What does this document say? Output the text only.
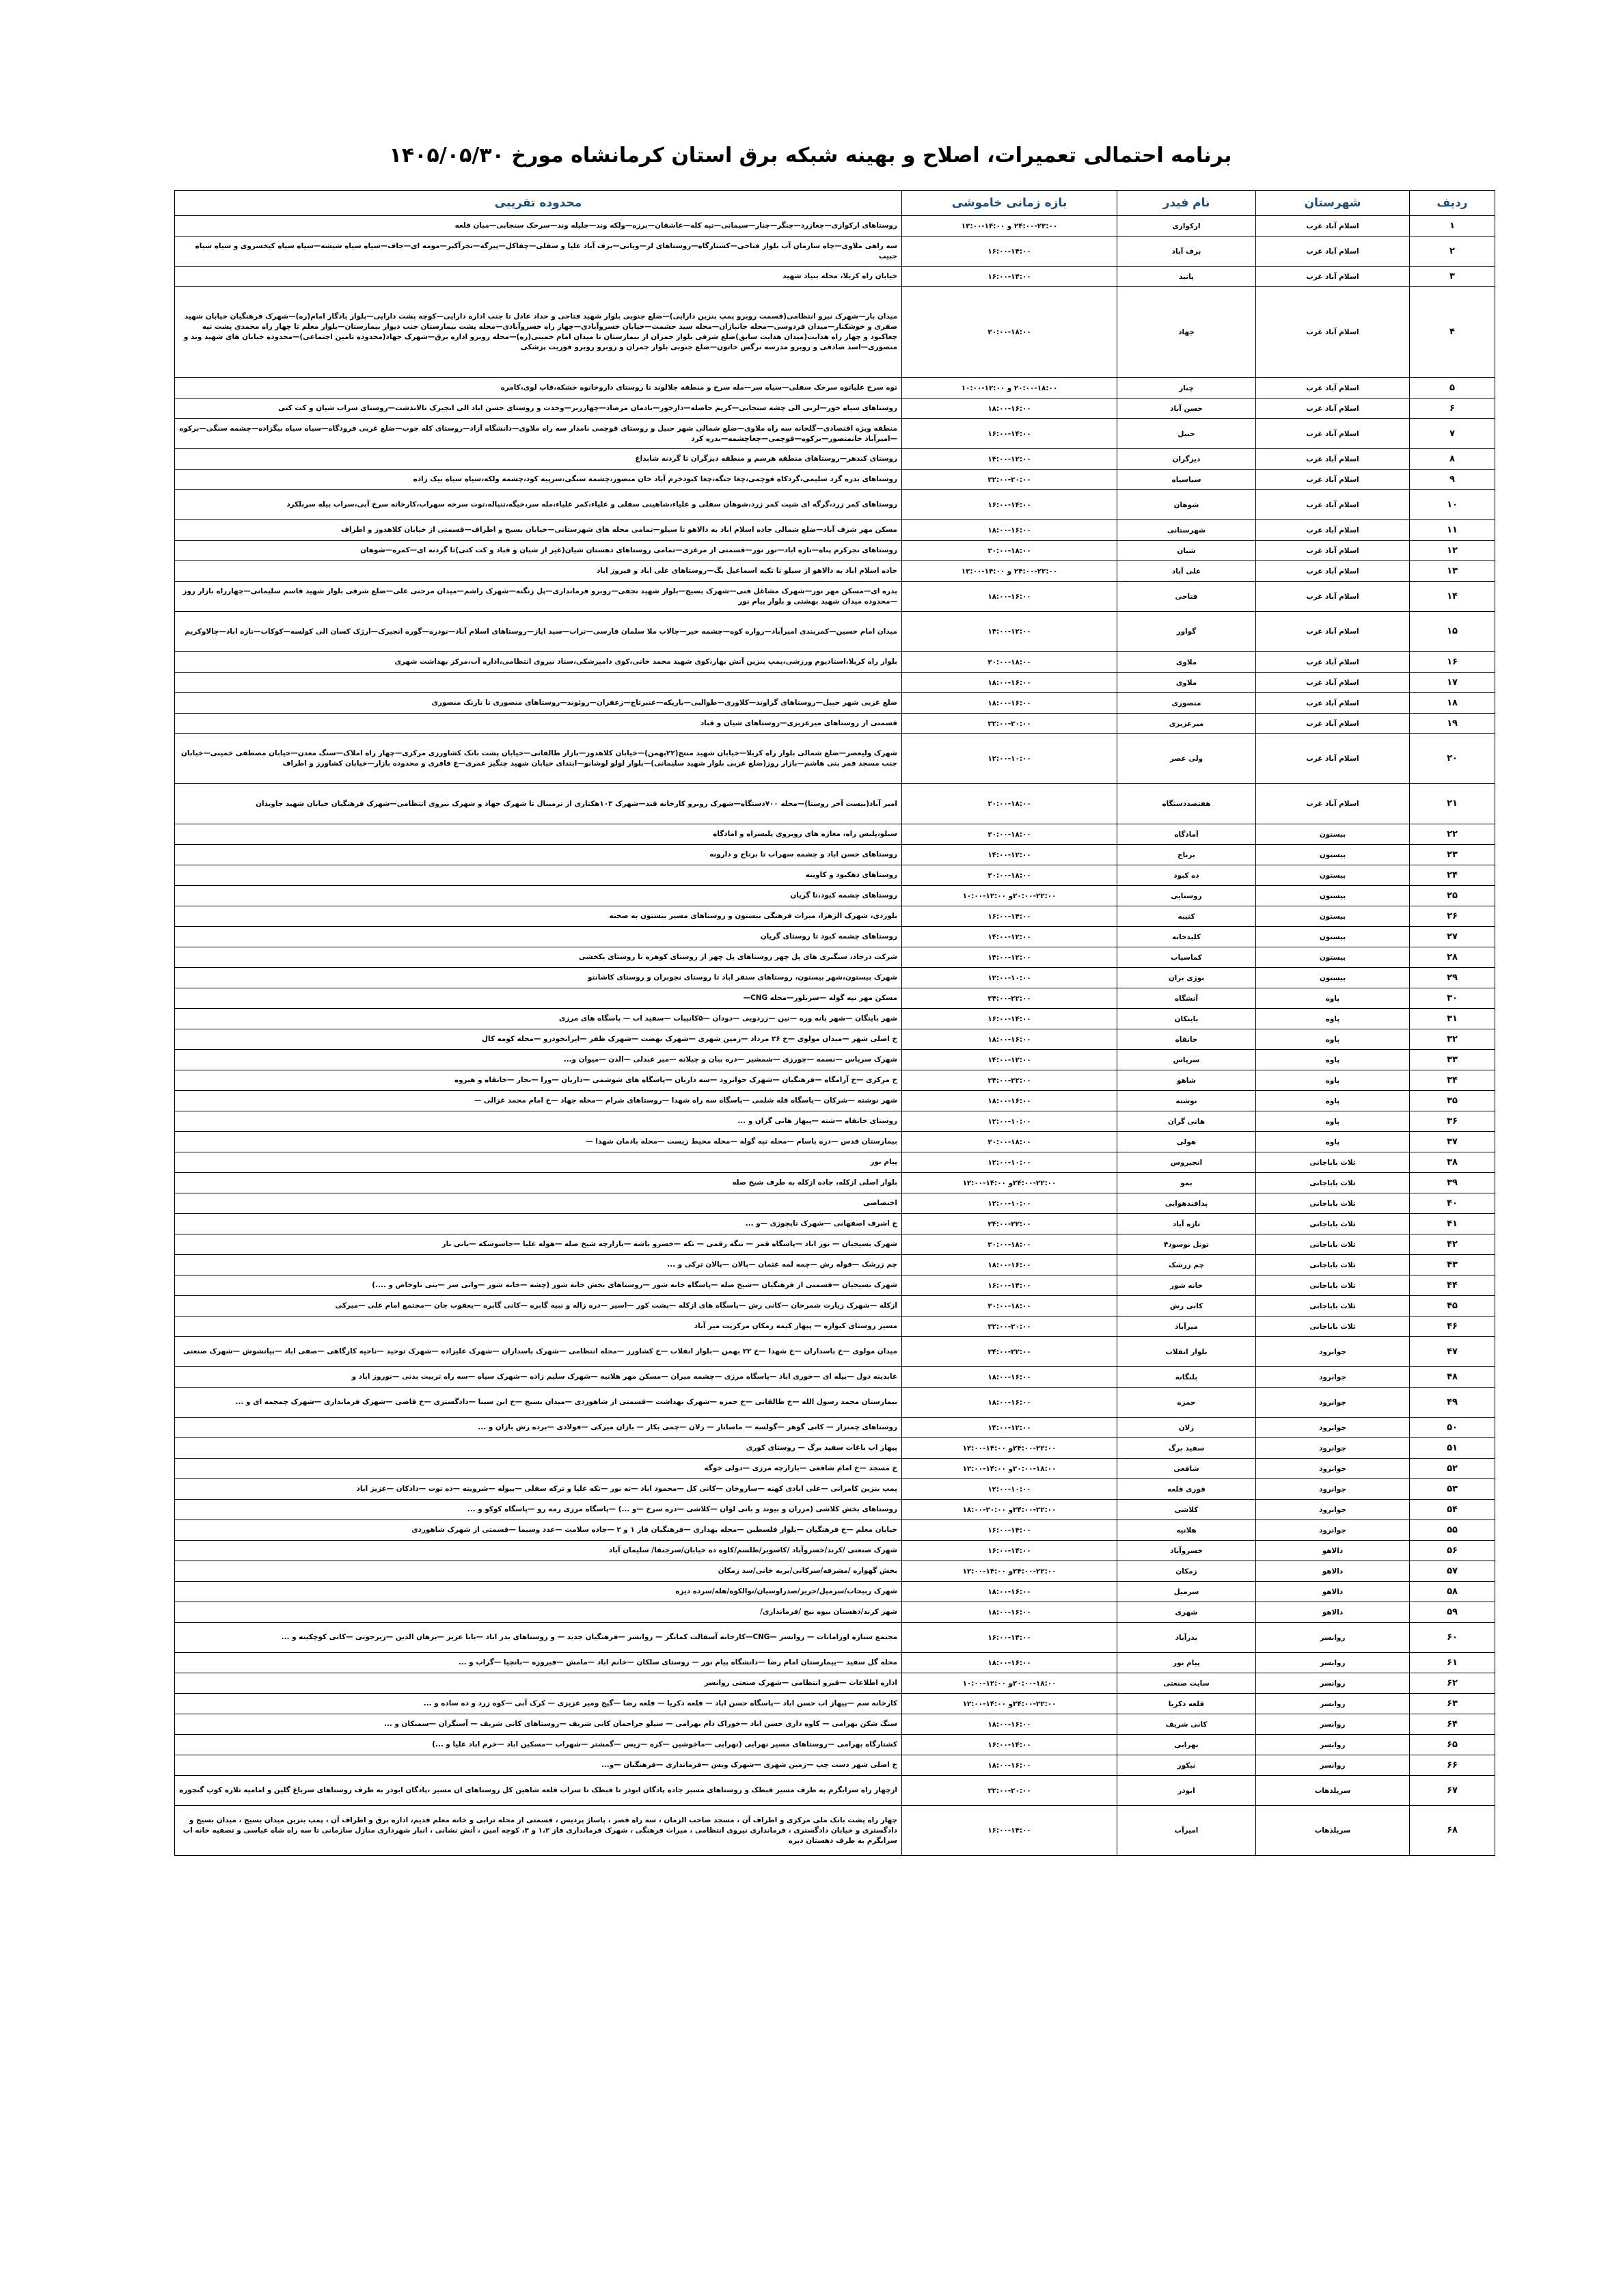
برنامه احتمالی تعمیرات، اصلاح و بهینه شبکه برق استان کرمانشاه مورخ ۱۴۰۵/۰۵/۳۰
ردیف	شهرستان	نام فیدر	بازه زمانی خاموشی	محدوده تقریبی
۱	اسلام آباد غرب	ارکوازی	۲۴:۰۰-۲۲:۰۰ و ۱۴:۰۰-۱۲:۰۰	روستاهای ارکوازی—چغازرد—چنگر—چنار—سیمانی—تپه کله—عاشقان—برزه—ولکه وند—جلیله وند—سرخک سنجابی—میان قلعه
۲	اسلام آباد غرب	برف آباد	۱۶:۰۰-۱۴:۰۰	سه راهی ملاوی—چاه سازمان آب بلوار فتاحی—کشتارگاه—روستاهای لر—ویانی—برف آباد علیا و سفلی—چقاکل—پیرگه—تجرآکبر—مومه ای—جاف—سیاه سیاه شیشه—سیاه سیاه کیخسروی و سیاه سیاه حبیب
۳	اسلام آباد غرب	پانید	۱۶:۰۰-۱۴:۰۰	خیابان راه کربلا، محله بنیاد شهید
۴	اسلام آباد غرب	جهاد	۲۰:۰۰-۱۸:۰۰	میدان بار—شهرک نیرو انتظامی(قسمت روبرو پمپ بنزین دارایی)—ضلع جنوبی بلوار شهید فتاحی و حداد عادل تا جنب اداره دارایی—کوچه پشت دارایی—بلوار یادگار امام(ره)—شهرک فرهنگیان خیابان شهید صفری و خوشکنار—میدان فردوسی—محله جانبازان—محله سید حشمت—خیابان خسروآبادی—چهار راه خسروآبادی—محله پشت بیمارستان جنب دیوار بیمارستان—بلوار معلم تا چهار راه محمدی پشت تپه چغاکبود و چهار راه هدایت(میدان هدایت سابق)ضلع شرقی بلوار جمران از بیمارستان تا میدان امام خمینی(ره)—محله روبرو اداره برق—شهرک جهاد(محدوده تامین اجتماعی)—محدوده خیابان های شهید وند و منصوری—اسد صادقی و روبرو مدرسه نرگس خاتون—ضلع جنوبی بلوار جمران و روبرو روبرو فوریت پزشکی
۵	اسلام آباد غرب	چنار	۲۰:۰۰-۱۸:۰۰ و ۱۲:۰۰-۱۰:۰۰	توه سرخ علیاتوه سرخک سفلی—سیاه سر—مله سرخ و منطقه جلالوند تا روستای داروخانوه خشکه،قاپ لوی،کامره
۶	اسلام آباد غرب	حسن آباد	۱۸:۰۰-۱۶:۰۰	روستاهای سیاه خور—لرنی الی چشه سنجابی—کریم حاصله—دارخور—بادمان مرصاد—چهارزبر—وحدت و روستای حسن اباد الی انجیرک تالانذشت—روستای سراب شیان و کت کتی
۷	اسلام آباد غرب	حبیل	۱۶:۰۰-۱۴:۰۰	منطقه ویژه اقتصادی—گلخانه سه راه ملاوی—ضلع شمالی شهر حبیل و روستای قوچمی نامدار سه راه ملاوی—دانشگاه آزاد—روستای کله جوب—ضلع غربی فرودگاه—سیاه سیاه بیگزاده—چشمه سنگی—برکوه—امیرآباد خانمنصور—برکوه—قوچمی—چغاچشمه—بدره کرد
۸	اسلام آباد غرب	دیزگران	۱۴:۰۰-۱۲:۰۰	روستای کندهر—روستاهای منطقه هرسم و منطقه دیزگران تا گردنه شابداغ
۹	اسلام آباد غرب	سیاسیاه	۲۲:۰۰-۲۰:۰۰	روستاهای بدره گرد سلیمی،گردکاه قوچمی،چغا جنگه،چغا کبودخرم آباد خان منصور،چشمه سنگی،سرپیه کود،چشمه ولکه،سیاه سیاه بیک زاده
۱۰	اسلام آباد غرب	شوهان	۱۶:۰۰-۱۴:۰۰	روستاهای کمر زرد،گرگه ای شیت کمر زرد،شوهان سفلی و علیاء،شاهینی سفلی و علیاء،کمر علیاء،مله سر،خیگه،تنیاله،توت سرخه سهراب،کارخانه سرخ آبی،سراب بیله سربلکرد
۱۱	اسلام آباد غرب	شهرستانی	۱۸:۰۰-۱۶:۰۰	مسکن مهر شرف آباد—ضلع شمالی جاده اسلام اباد به دالاهو تا سیلو—تمامی محله های شهرستانی—خیابان بسیج و اطراف—قسمتی از خیابان کلاهدوز و اطراف
۱۲	اسلام آباد غرب	شیان	۲۰:۰۰-۱۸:۰۰	روستاهای نجرکرم پناه—تازه اباد—نور نور—قسمتی از مرغزی—تمامی روستاهای دهستان شیان(غیر از شیان و قباد و کت کتی)تا گردنه ای—کمره—شوهان
۱۳	اسلام آباد غرب	علی آباد	۲۴:۰۰-۲۲:۰۰ و ۱۴:۰۰-۱۲:۰۰	جاده اسلام اباد به دالاهو از سیلو تا تکیه اسماعیل بگ—روستاهای علی اباد و فیروز اباد
۱۴	اسلام آباد غرب	فتاحی	۱۸:۰۰-۱۶:۰۰	بدره ای—مسکن مهر نور—شهرک مشاغل فنی—شهرک بسیج—بلوار شهید نجفی—روبرو فرمانداری—پل زنگنه—شهرک راشم—میدان مرحنی علی—ضلع شرقی بلوار شهید قاسم سلیمانی—چهارراه بازار روز—محدوده میدان شهید بهشتی و بلوار پیام نور
۱۵	اسلام آباد غرب	گواور	۱۴:۰۰-۱۲:۰۰	میدان امام حسین—کمربندی امیرآباد—زواره کوه—چشمه خیر—چالاب ملا سلمان فارسی—تراب—سید ایاز—روستاهای اسلام آباد—نودره—گوره انجیرک—ارژک کسان الی کولسه—کوکاب—تازه اباد—چالاوکریم
۱۶	اسلام آباد غرب	ملاوی	۲۰:۰۰-۱۸:۰۰	بلوار راه کربلا،استادیوم ورزشی،پمپ بنزین آتش بهار،کوی شهید محمد خانی،کوی دامپزشکی،ستاد نیروی انتظامی،اداره آب،مرکز بهداشت شهری
۱۷	اسلام آباد غرب	ملاوی	۱۸:۰۰-۱۶:۰۰	
۱۸	اسلام آباد غرب	منصوری	۱۸:۰۰-۱۶:۰۰	ضلع غربی شهر حبیل—روستاهای گراوند—کلاوری—طوالبی—باریکه—عنبرتاج—زعفران—روئوند—روستاهای منصوری تا نارنک منصوری
۱۹	اسلام آباد غرب	میرعزیزی	۲۲:۰۰-۲۰:۰۰	قسمتی از روستاهای میرعزیزی—روستاهای شیان و قباد
۲۰	اسلام آباد غرب	ولی عصر	۱۲:۰۰-۱۰:۰۰	شهرک ولیعصر—ضلع شمالی بلوار راه کربلا—خیابان شهید منتج(۲۲بهمن)—خیابان کلاهدوز—بازار طالقانی—خیابان پشت بانک کشاورزی مرکزی—چهار راه املاک—سنگ معدن—خیابان مصطفی خمینی—خیابان جنب مسجد قمر بنی هاشم—بازار روز(ضلع غربی بلوار شهید سلیمانی)—بلوار لولو لوشانو—ابتدای خیابان شهید چنگیز عمری—ع قافری و محدوده بازار—خیابان کشاورز و اطراف
۲۱	اسلام آباد غرب	هفتصددستگاه	۲۰:۰۰-۱۸:۰۰	امیر آباد(بیست آخر روستا)—محله ۷۰۰دستگاه—شهرک روبرو کارخانه قند—شهرک ۱۰۳هکتاری از ترمینال تا شهرک جهاد و شهرک نیروی انتظامی—شهرک فرهنگیان خیابان شهید جاویدان
۲۲	بیستون	آمادگاه	۲۰:۰۰-۱۸:۰۰	سیلو،پلیس راه، مغازه های روبروی پلیسراه و امادگاه
۲۳	بیستون	برناج	۱۴:۰۰-۱۲:۰۰	روستاهای حسن اباد و چشمه سهراب تا برناج و دارونه
۲۴	بیستون	ده کبود	۲۰:۰۰-۱۸:۰۰	روستاهای دهکبود و کاوینه
۲۵	بیستون	روستایی	۲۰:۰۰-۲۲:۰۰و ۱۲:۰۰-۱۰:۰۰	روستاهای چشمه کبود،تا گریان
۲۶	بیستون	کتیبه	۱۶:۰۰-۱۴:۰۰	بلوردی، شهرک الزهرا، میراث فرهنگی بیستون و روستاهای مسیر بیستون به صحنه
۲۷	بیستون	کلیدخانه	۱۴:۰۰-۱۲:۰۰	روستاهای چشمه کبود تا روستای گریان
۲۸	بیستون	کماسیاب	۱۴:۰۰-۱۲:۰۰	شرکت درجاد، سنگبری های پل چهر روستاهای پل چهر از روستای کوهره تا روستای یکخشی
۲۹	بیستون	نوژی بران	۱۲:۰۰-۱۰:۰۰	شهرک بیستون،شهر بیستون، روستاهای سنقر اباد تا روستای نجوبران و روستای کاشانتو
۳۰	پاوه	آتشگاه	۲۴:۰۰-۲۲:۰۰	مسکن مهر تپه گوله —سربلور—محله CNG—
۳۱	پاوه	بایتکان	۱۶:۰۰-۱۴:۰۰	شهر باینگان —شهر بانه وره —نین —زردویی —دودان —۵کانیپاب —سفید اب — پاسگاه های مرزی
۳۲	پاوه	خانقاه	۱۸:۰۰-۱۶:۰۰	خ اصلی شهر —میدان مولوی —خ ۲۶ مرداد —زمین شهری —شهرک نهضت —شهرک ظفر —ایرانخودرو —محله کومه کال
۳۳	پاوه	سرپاس	۱۴:۰۰-۱۲:۰۰	شهرک سرپاس —نسمه —چورزی —شمشیر —دره بیان و چیلانه —میر عبدلی —الدن —میوان و...
۳۴	پاوه	شاهو	۲۴:۰۰-۲۲:۰۰	خ مرکزی —خ آرامگاه —فرهنگیان —شهرک جوانرود —سه داریان —پاسگاه های شوشمی —داریان —ورا —نجار —خانقاه و هیروه
۳۵	پاوه	نوشته	۱۸:۰۰-۱۶:۰۰	شهر نوشته —شرکان —پاسگاه قله شلمی —پاسگاه سه راه شهدا —روستاهای شرام —محله جهاد —خ امام محمد غزالی —
۳۶	پاوه	هانی گران	۱۲:۰۰-۱۰:۰۰	روستای خانقاه —شته —پیهاز هانی گران و ...
۳۷	پاوه	هولی	۲۰:۰۰-۱۸:۰۰	بیمارستان قدس —دره باسام —محله تپه گوله —محله محیط زیست —محله بادمان شهدا —
۳۸	ثلاث باباجانی	انجیروس	۱۲:۰۰-۱۰:۰۰	پیام نور
۳۹	ثلاث باباجانی	بمو	۲۴:۰۰-۲۲:۰۰و ۱۴:۰۰-۱۲:۰۰	بلوار اصلی ازکله، جاده ازکله به طرف شیخ صله
۴۰	ثلاث باباجانی	پدافندهوایی	۱۲:۰۰-۱۰:۰۰	اختصاصی
۴۱	ثلاث باباجانی	تازه آباد	۲۴:۰۰-۲۲:۰۰	خ اشرف اصفهانی —شهرک تایچوزی —و ...
۴۲	ثلاث باباجانی	تونل نوسود۴	۲۰:۰۰-۱۸:۰۰	شهرک بسیجیان — نور اباد —پاسگاه قمر — تنگه رقمی — تکه —خسرو باشه —بازارچه شیخ صله —هوله علیا —جاسوسکه —بانی نار
۴۳	ثلاث باباجانی	چم زرشک	۱۸:۰۰-۱۶:۰۰	چم زرشک —قوله رش —چمه لمه عثمان —پالان —پالان ترکی و ...
۴۴	ثلاث باباجانی	خانه شور	۱۶:۰۰-۱۴:۰۰	شهرک بسیجیان —قسمتی از فرهنگیان —شیخ صله —پاسگاه خانه شور —روستاهای بخش خانه شور (چشه —خانه شور —وانی سر —بنی ناوخاص و ....)
۴۵	ثلاث باباجانی	کانی رش	۲۰:۰۰-۱۸:۰۰	ازکله —شهرک زیارت شمرخان —کانی رش —پاسگاه های ازکله —پشت کور —اسیر —دره زاله و نبیه گابره —کانی گابره —یعقوب جان —مجتمع امام علی —میرکی
۴۶	ثلاث باباجانی	میرآباد	۲۲:۰۰-۲۰:۰۰	مسیر روستای کیوازه — پیهاز کیمه زمکان مرکزیت میر آباد
۴۷	جوانرود	بلوار انقلاب	۲۴:۰۰-۲۲:۰۰	میدان مولوی —خ پاسداران —خ شهدا —خ ۲۲ بهمن —بلوار انقلاب —خ کشاورز —محله انتظامی —شهرک پاسداران —شهرک علیزاده —شهرک توحید —ناحیه کارگاهی —صفی اباد —بیانشوش —شهرک صنعتی
۴۸	جوانرود	بلنگانه	۱۸:۰۰-۱۶:۰۰	عابدینه دول —بیله ای —خوری اباد —پاسگاه مرزی —چشمه میران —مسکن مهر هلانیه —شهرک سلیم زاده —شهرک سیاه —سه راه تربیت بدنی —نوروز اباد و
۴۹	جوانرود	حمزه	۱۸:۰۰-۱۶:۰۰	بیمارستان محمد رسول الله —خ طالقانی —خ حمزه —شهرک بهداشت —قسمتی از شاهوردی —میدان بسیج —خ ابن سینا —دادگستری —خ قاضی —شهرک فرمانداری —شهرک چمجمه ای و ...
۵۰	جوانرود	زلان	۱۴:۰۰-۱۲:۰۰	روستاهای چمنزار — کانی گوهر —گولسه — ماسانار — زلان —چمی بکار — بازان میرکی —فولادی —برده رش بازان و ...
۵۱	جوانرود	سفید برگ	۲۴:۰۰-۲۲:۰۰و ۱۴:۰۰-۱۲:۰۰	پیهاز اب باغات سفید برگ — روستای کوری
۵۲	جوانرود	شافعی	۲۰:۰۰-۱۸:۰۰و ۱۴:۰۰-۱۲:۰۰	خ مسجد —خ امام شافعی —بازارچه مرزی —دولی خوگه
۵۳	جوانرود	قوری قلعه	۱۲:۰۰-۱۰:۰۰	پمپ بنزین کامرانی —علی ابادی کهنه —ساروخان —کانی کل —محمود اباد —ته نور —تکه علیا و ترکه سفلی —بیوله —شروینه —ده توت —دادکان —عزیز اباد
۵۴	جوانرود	کلاشی	۲۴:۰۰-۲۲:۰۰و ۲۰:۰۰-۱۸:۰۰	روستاهای بخش کلاشی (مزران و بیوند و بانی لوان —کلاشی —دره سرخ —و ...) —پاسگاه مرزی رمه رو —پاسگاه کوکو و ...
۵۵	جوانرود	هلانیه	۱۶:۰۰-۱۴:۰۰	خیابان معلم —خ فرهنگیان —بلوار فلسطین —محله بهداری —فرهنگیان فاز ۱ و ۲ —جاده سلامت —عدد وسیما —قسمتی از شهرک شاهوردی
۵۶	دالاهو	خسروآباد	۱۶:۰۰-۱۴:۰۰	شهرک صنعتی /کرند/خسروآباد /کاسوبر/طلسم/کاوه ده خیابان/سرجنقا/ سلیمان آباد
۵۷	دالاهو	زمکان	۲۴:۰۰-۲۲:۰۰و ۱۴:۰۰-۱۲:۰۰	بخش گهواره /مشرفه/سرکانی/بریه خانی/سد زمکان
۵۸	دالاهو	سرمیل	۱۸:۰۰-۱۶:۰۰	شهرک ربیحاب/سرمیل/حریر/صدراوسیان/نوالکوه/هله/سرده دیزه
۵۹	دالاهو	شهری	۱۸:۰۰-۱۶:۰۰	شهر کرند/دهستان بیوه نیج /فرمانداری/
۶۰	روانسر	بدرآباد	۱۶:۰۰-۱۴:۰۰	مجتمع ستاره اورامانات — روانسر —CNG—کارخانه آسفالت کمانگر — روانسر —فرهنگیان جدید — و روستاهای بدر اباد —بابا عزیز —برهان الدین —زیرجوبی —کانی کوچکینه و ...
۶۱	روانسر	پیام نور	۱۸:۰۰-۱۶:۰۰	محله گل سفید —بیمارستان امام رضا —دانشگاه پیام نور — روستای سلکان —خانم اباد —مامش —فیروزه —بانچیا —گراب و ...
۶۲	روانسر	سایت صنعتی	۲۰:۰۰-۱۸:۰۰و ۱۲:۰۰-۱۰:۰۰	اداره اطلاعات —قیرو انتظامی —شهرک صنعتی روانسر
۶۳	روانسر	قلعه ذکریا	۲۴:۰۰-۲۲:۰۰و ۱۴:۰۰-۱۲:۰۰	کارخانه سم —پیهاز اب حسن اباد —پاسگاه حسن اباد — قلعه ذکریا — قلعه رضا —گیج ومیر عزیزی — کرک آبی —کوه زرد و ده ساده و ...
۶۴	روانسر	کانی شریف	۱۸:۰۰-۱۶:۰۰	سنگ شکن بهرامی — کاوه داری حسن اباد —خوراک دام بهرامی — سیلو جراحمان کانی شریف —روستاهای کانی شریف — آسنگران —سمنکان و ...
۶۵	روانسر	نهرابی	۱۶:۰۰-۱۴:۰۰	کشتارگاه بهرامی —روستاهای مسیر نهرابی (نهرابی —ماخوشین —کره —زیس —گمشتر —شهراب —مسکین اباد —خرم اباد علیا و ...)
۶۶	روانسر	نیکور	۱۸:۰۰-۱۶:۰۰	خ اصلی شهر دست چپ —زمین شهری —شهرک ویس —فرمانداری —فرهنگیان —و...
۶۷	سرپلذهاب	ابوذر	۲۲:۰۰-۲۰:۰۰	ازچهار راه سرابگرم به طرف مسیر قبطک و روستاهای مسیر جاده پادگان ابوذر تا قبطک تا سراب قلعه شاهین کل روستاهای ان مسیر ،پادگان ابوذر به طرف روستاهای سرباغ گلین و امامیه تلاره کوپ گنجوره
۶۸	سرپلذهاب	امیرآب	۱۶:۰۰-۱۴:۰۰	چهار راه پشت بانک ملی مرکزی و اطراف آن ، مسجد صاحب الزمان ، سه راه قصر ، پاساژ پردیس ، قسمتی از محله ترابی و خانه معلم قدیم، اداره برق و اطراف آن ، پمپ بنزین میدان بسیج ، میدان بسیج و دادگستری و خیابان دادگستری ، فرمانداری نیروی انتظامی ، میراث فرهنگی ، شهرک فرمانداری فاز ۱،۲ و ۳، کوچه امین ، آتش نشانی ، انبار شهرداری منازل سازمانی تا سه راه شاه عباسی و تصفیه خانه اب سرابگرم به طرف دهستان دیره
